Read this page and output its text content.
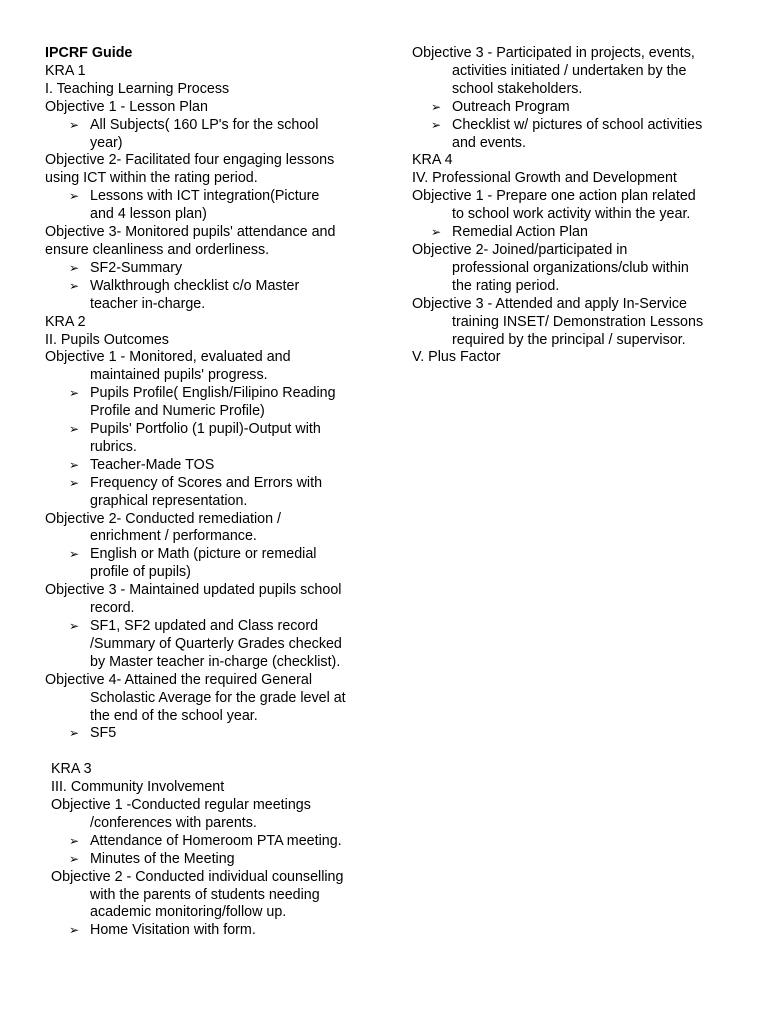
IPCRF Guide
KRA 1
I. Teaching Learning Process
Objective 1 - Lesson Plan
➢ All Subjects( 160 LP's for the school
year)
Objective 2- Facilitated four engaging lessons
using ICT within the rating period.
➢ Lessons with ICT integration(Picture
and 4 lesson plan)
Objective 3- Monitored pupils' attendance and
ensure cleanliness and orderliness.
➢ SF2-Summary
➢ Walkthrough checklist c/o Master
teacher in-charge.
KRA 2
II. Pupils Outcomes
Objective 1 - Monitored, evaluated and
maintained pupils' progress.
➢ Pupils Profile( English/Filipino Reading
Profile and Numeric Profile)
➢ Pupils' Portfolio (1 pupil)-Output with
rubrics.
➢ Teacher-Made TOS
➢ Frequency of Scores and Errors with
graphical representation.
Objective 2- Conducted remediation /
enrichment / performance.
➢ English or Math (picture or remedial
profile of pupils)
Objective 3 - Maintained updated pupils school
record.
➢ SF1, SF2 updated and Class record
/Summary of Quarterly Grades checked
by Master teacher in-charge (checklist).
Objective 4- Attained the required General
Scholastic Average for the grade level at
the end of the school year.
➢ SF5
KRA 3
III. Community Involvement
Objective 1 -Conducted regular meetings
/conferences with parents.
➢ Attendance of Homeroom PTA meeting.
➢ Minutes of the Meeting
Objective 2 - Conducted individual counselling
with the parents of students needing
academic monitoring/follow up.
➢ Home Visitation with form.
Objective 3 - Participated in projects, events,
activities initiated / undertaken by the
school stakeholders.
➢ Outreach Program
➢ Checklist w/ pictures of school activities
and events.
KRA 4
IV. Professional Growth and Development
Objective 1 - Prepare one action plan related
to school work activity within the year.
➢ Remedial Action Plan
Objective 2- Joined/participated in
professional organizations/club within
the rating period.
Objective 3 - Attended and apply In-Service
training INSET/ Demonstration Lessons
required by the principal / supervisor.
V. Plus Factor
